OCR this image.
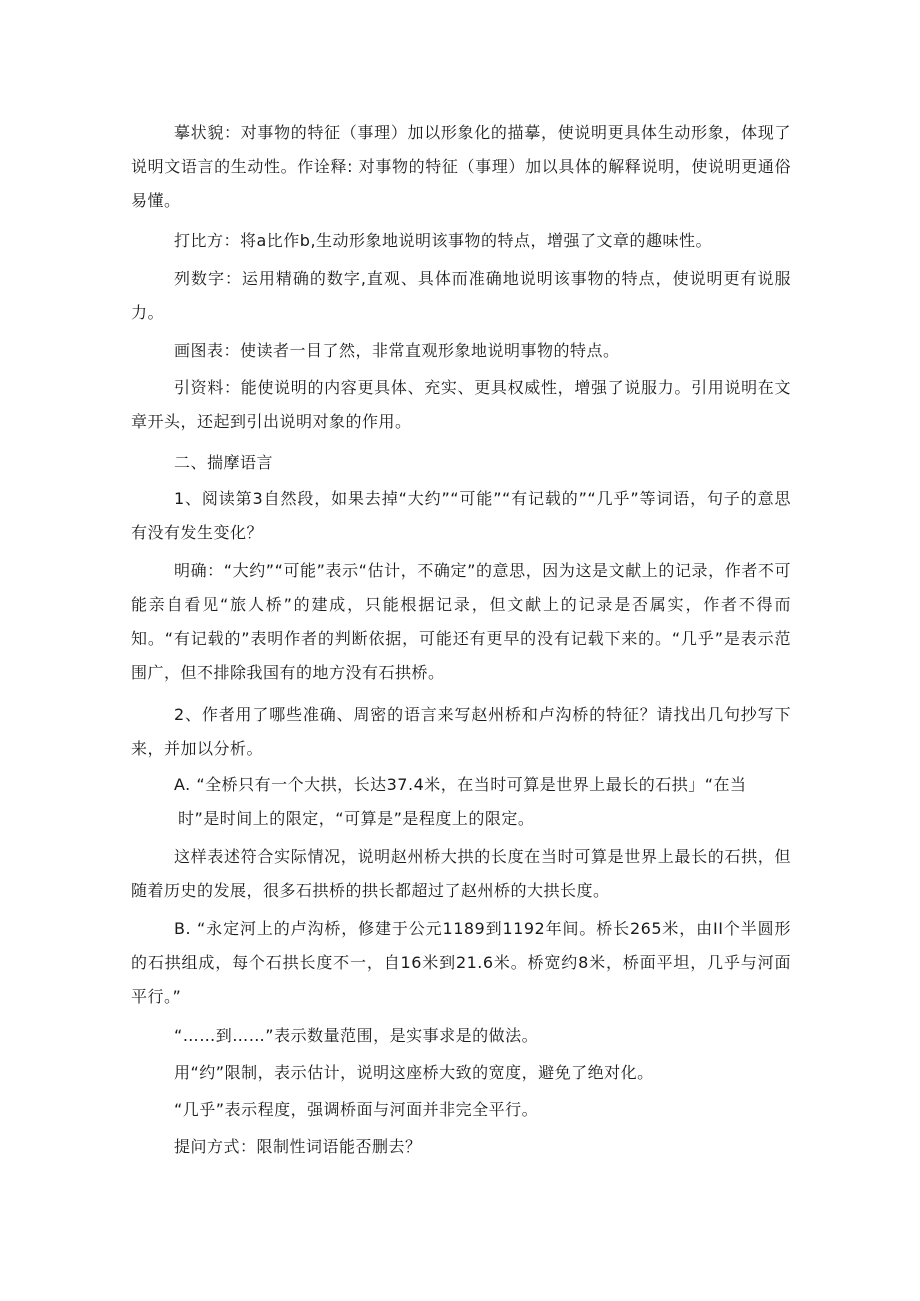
摹状貌：对事物的特征（事理）加以形象化的描摹，使说明更具体生动形象，体现了说明文语言的生动性。作诠释: 对事物的特征（事理）加以具体的解释说明，使说明更通俗易懂。

打比方：将a比作b,生动形象地说明该事物的特点，增强了文章的趣味性。

列数字：运用精确的数字,直观、具体而准确地说明该事物的特点，使说明更有说服力。

画图表：使读者一目了然，非常直观形象地说明事物的特点。

引资料：能使说明的内容更具体、充实、更具权威性，增强了说服力。引用说明在文章开头，还起到引出说明对象的作用。

二、揣摩语言

1、阅读第3自然段，如果去掉“大约”“可能”“有记载的”“几乎”等词语，句子的意思有没有发生变化？

明确：“大约”“可能”表示“估计，不确定”的意思，因为这是文献上的记录，作者不可能亲自看见“旅人桥”的建成，只能根据记录，但文献上的记录是否属实，作者不得而知。“有记载的”表明作者的判断依据，可能还有更早的没有记载下来的。“几乎”是表示范围广，但不排除我国有的地方没有石拱桥。

2、作者用了哪些准确、周密的语言来写赵州桥和卢沟桥的特征？请找出几句抄写下来，并加以分析。

A. “全桥只有一个大拱，长达37.4米，在当时可算是世界上最长的石拱」“在当

时”是时间上的限定，“可算是”是程度上的限定。

这样表述符合实际情况，说明赵州桥大拱的长度在当时可算是世界上最长的石拱，但随着历史的发展，很多石拱桥的拱长都超过了赵州桥的大拱长度。

B. “永定河上的卢沟桥，修建于公元1189到1192年间。桥长265米，由II个半圆形的石拱组成，每个石拱长度不一，自16米到21.6米。桥宽约8米，桥面平坦，几乎与河面平行。”

“……到……”表示数量范围，是实事求是的做法。

用“约”限制，表示估计，说明这座桥大致的宽度，避免了绝对化。

“几乎”表示程度，强调桥面与河面并非完全平行。

提问方式：限制性词语能否删去？
